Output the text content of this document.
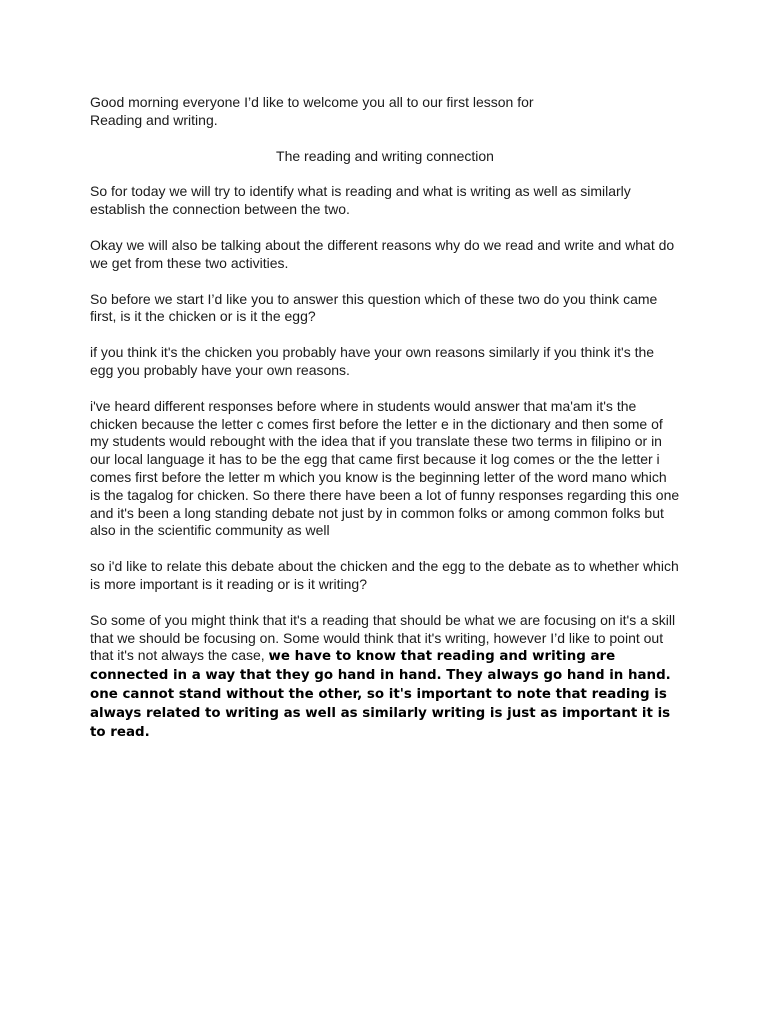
Good morning everyone I’d like to welcome you all to our first lesson for
Reading and writing.

The reading and writing connection

So for today we will try to identify what is reading and what is writing as well as similarly establish the connection between the two.

Okay we will also be talking about the different reasons why do we read and write and what do we get from these two activities.

So before we start I’d like you to answer this question which of these two do you think came first, is it the chicken or is it the egg?

if you think it's the chicken you probably have your own reasons similarly if you think it's the egg you probably have your own reasons.

i've heard different responses before where in students would answer that ma'am it's the chicken because the letter c comes first before the letter e in the dictionary and then some of my students would rebought with the idea that if you translate these two terms in filipino or in our local language it has to be the egg that came first because it log comes or the the letter i comes first before the letter m which you know is the beginning letter of the word mano which is the tagalog for chicken. So there there have been a lot of funny responses regarding this one and it's been a long standing debate not just by in common folks or among common folks but also in the scientific community as well

so i'd like to relate this debate about the chicken and the egg to the debate as to whether which is more important is it reading or is it writing?

So some of you might think that it's a reading that should be what we are focusing on it's a skill that we should be focusing on. Some would think that it's writing, however I’d like to point out that it's not always the case, we have to know that reading and writing are connected in a way that they go hand in hand. They always go hand in hand. one cannot stand without the other, so it's important to note that reading is always related to writing as well as similarly writing is just as important it is to read.
